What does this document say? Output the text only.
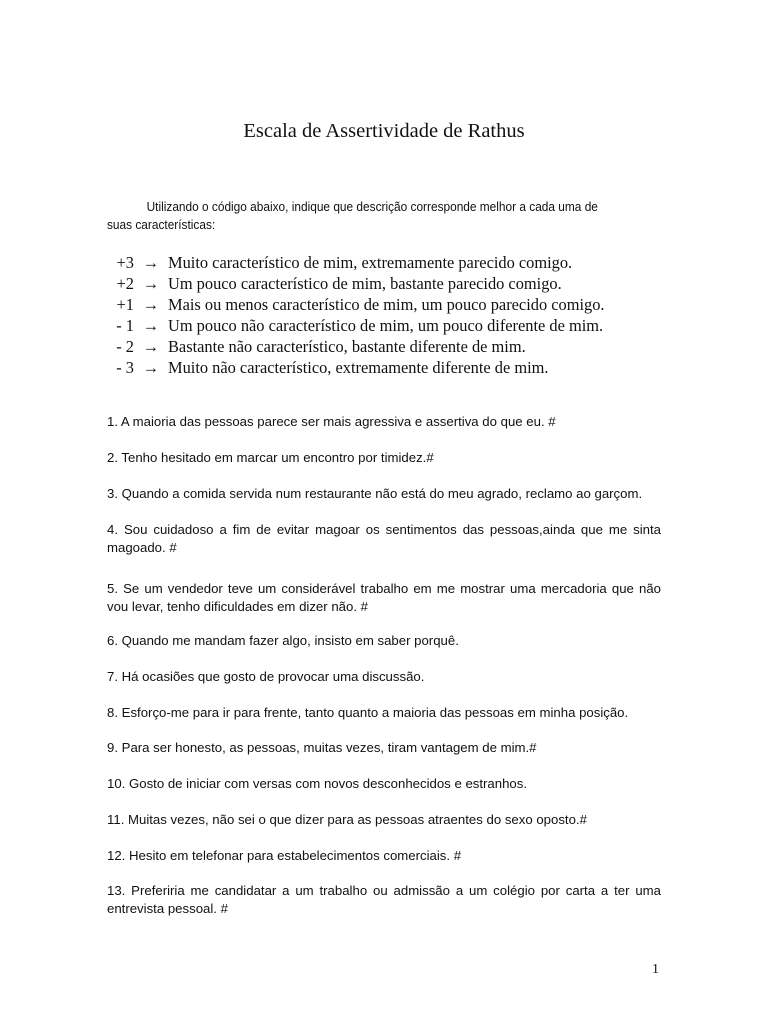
Escala de Assertividade de Rathus

Utilizando o código abaixo, indique que descrição corresponde melhor a cada uma de suas características:

+3 → Muito característico de mim, extremamente parecido comigo.
+2 → Um pouco característico de mim, bastante parecido comigo.
+1 → Mais ou menos característico de mim, um pouco parecido comigo.
- 1 → Um pouco não característico de mim, um pouco diferente de mim.
- 2 → Bastante não característico, bastante diferente de mim.
- 3 → Muito não característico, extremamente diferente de mim.
1. A maioria das pessoas parece ser mais agressiva e assertiva do que eu. #
2. Tenho hesitado em marcar um encontro por timidez.#
3. Quando a comida servida num restaurante não está do meu agrado, reclamo ao garçom.
4. Sou cuidadoso a fim de evitar magoar os sentimentos das pessoas,ainda que me sinta magoado. #
5. Se um vendedor teve um considerável trabalho em me mostrar uma mercadoria que não vou levar, tenho dificuldades em dizer não. #
6. Quando me mandam fazer algo, insisto em saber porquê.
7. Há ocasiões que gosto de provocar uma discussão.
8. Esforço-me para ir para frente, tanto quanto a maioria das pessoas em minha posição.
9. Para ser honesto, as pessoas, muitas vezes, tiram vantagem de mim.#
10. Gosto de iniciar com versas com novos desconhecidos e estranhos.
11. Muitas vezes, não sei o que dizer para as pessoas atraentes do sexo oposto.#
12. Hesito em telefonar para estabelecimentos comerciais. #
13. Preferiria me candidatar a um trabalho ou admissão a um colégio por carta a ter uma entrevista pessoal. #
1
